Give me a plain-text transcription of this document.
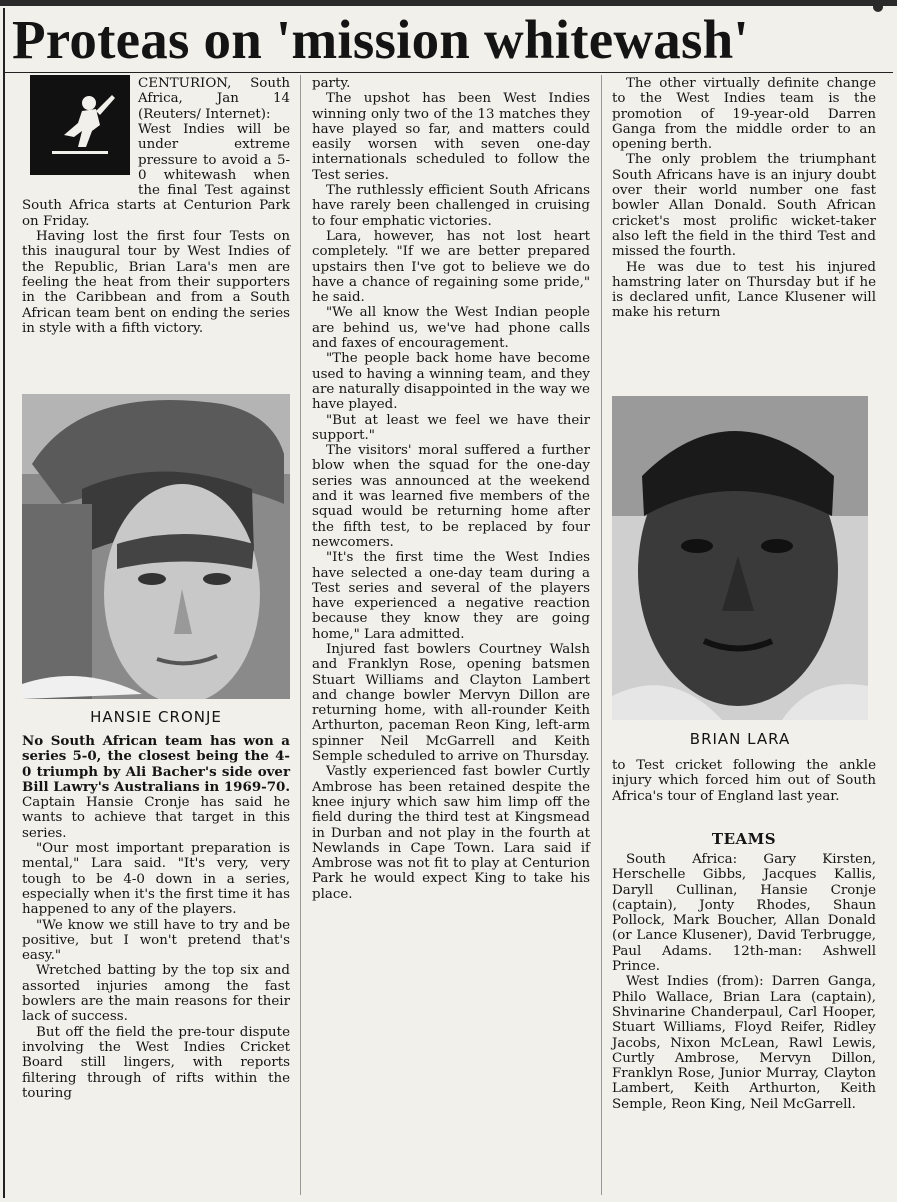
Proteas on 'mission whitewash'

CENTURION, South Africa, Jan 14 (Reuters/ Internet):

West Indies will be under extreme pressure to avoid a 5-0 whitewash when the final Test against South Africa starts at Centurion Park on Friday.

Having lost the first four Tests on this inaugural tour by West Indies of the Republic, Brian Lara's men are feeling the heat from their supporters in the Caribbean and from a South African team bent on ending the series in style with a fifth victory.

HANSIE CRONJE

No South African team has won a series 5-0, the closest being the 4-0 triumph by Ali Bacher's side over Bill Lawry's Australians in 1969-70.

Captain Hansie Cronje has said he wants to achieve that target in this series.

"Our most important preparation is mental," Lara said. "It's very, very tough to be 4-0 down in a series, especially when it's the first time it has happened to any of the players.

"We know we still have to try and be positive, but I won't pretend that's easy."

Wretched batting by the top six and assorted injuries among the fast bowlers are the main reasons for their lack of success.

But off the field the pre-tour dispute involving the West Indies Cricket Board still lingers, with reports filtering through of rifts within the touring

party.

The upshot has been West Indies winning only two of the 13 matches they have played so far, and matters could easily worsen with seven one-day internationals scheduled to follow the Test series.

The ruthlessly efficient South Africans have rarely been challenged in cruising to four emphatic victories.

Lara, however, has not lost heart completely. "If we are better prepared upstairs then I've got to believe we do have a chance of regaining some pride," he said.

"We all know the West Indian people are behind us, we've had phone calls and faxes of encouragement.

"The people back home have become used to having a winning team, and they are naturally disappointed in the way we have played.

"But at least we feel we have their support."

The visitors' moral suffered a further blow when the squad for the one-day series was announced at the weekend and it was learned five members of the squad would be returning home after the fifth test, to be replaced by four newcomers.

"It's the first time the West Indies have selected a one-day team during a Test series and several of the players have experienced a negative reaction because they know they are going home," Lara admitted.

Injured fast bowlers Courtney Walsh and Franklyn Rose, opening batsmen Stuart Williams and Clayton Lambert and change bowler Mervyn Dillon are returning home, with all-rounder Keith Arthurton, paceman Reon King, left-arm spinner Neil McGarrell and Keith Semple scheduled to arrive on Thursday.

Vastly experienced fast bowler Curtly Ambrose has been retained despite the knee injury which saw him limp off the field during the third test at Kingsmead in Durban and not play in the fourth at Newlands in Cape Town. Lara said if Ambrose was not fit to play at Centurion Park he would expect King to take his place.

The other virtually definite change to the West Indies team is the promotion of 19-year-old Darren Ganga from the middle order to an opening berth.

The only problem the triumphant South Africans have is an injury doubt over their world number one fast bowler Allan Donald. South African cricket's most prolific wicket-taker also left the field in the third Test and missed the fourth.

He was due to test his injured hamstring later on Thursday but if he is declared unfit, Lance Klusener will make his return

BRIAN LARA

to Test cricket following the ankle injury which forced him out of South Africa's tour of England last year.

TEAMS

South Africa: Gary Kirsten, Herschelle Gibbs, Jacques Kallis, Daryll Cullinan, Hansie Cronje (captain), Jonty Rhodes, Shaun Pollock, Mark Boucher, Allan Donald (or Lance Klusener), David Terbrugge, Paul Adams. 12th-man: Ashwell Prince.

West Indies (from): Darren Ganga, Philo Wallace, Brian Lara (captain), Shvinarine Chanderpaul, Carl Hooper, Stuart Williams, Floyd Reifer, Ridley Jacobs, Nixon McLean, Rawl Lewis, Curtly Ambrose, Mervyn Dillon, Franklyn Rose, Junior Murray, Clayton Lambert, Keith Arthurton, Keith Semple, Reon King, Neil McGarrell.
